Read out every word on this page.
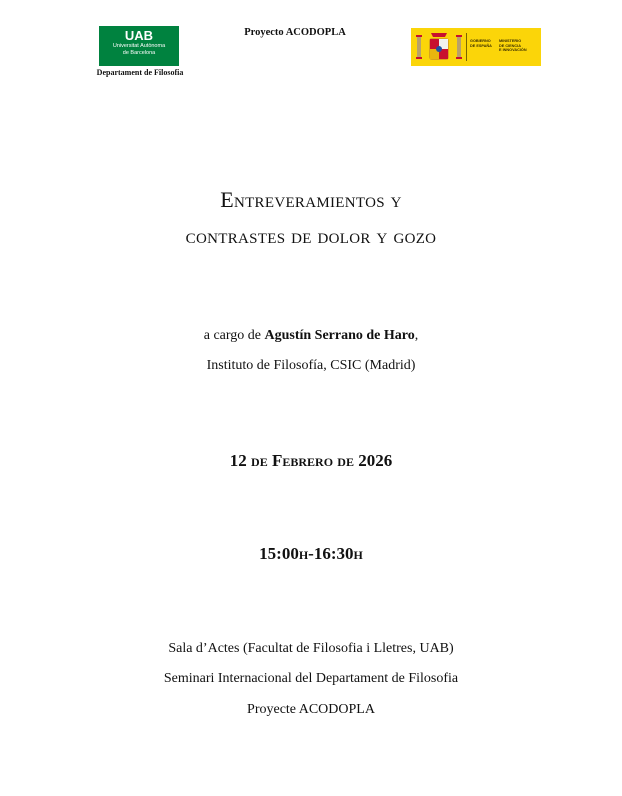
UAB
Universitat Autònoma
de Barcelona
Departament de Filosofia
Proyecto ACODOPLA
GOBIERNO
DE ESPAÑA
MINISTERIO
DE CIENCIA
E INNOVACIÓN
Entreveramientos y
contrastes de dolor y gozo
a cargo de Agustín Serrano de Haro,
Instituto de Filosofía, CSIC (Madrid)
12 de Febrero de 2026
15:00h-16:30h
Sala d’Actes (Facultat de Filosofia i Lletres, UAB)
Seminari Internacional del Departament de Filosofia
Proyecte ACODOPLA
